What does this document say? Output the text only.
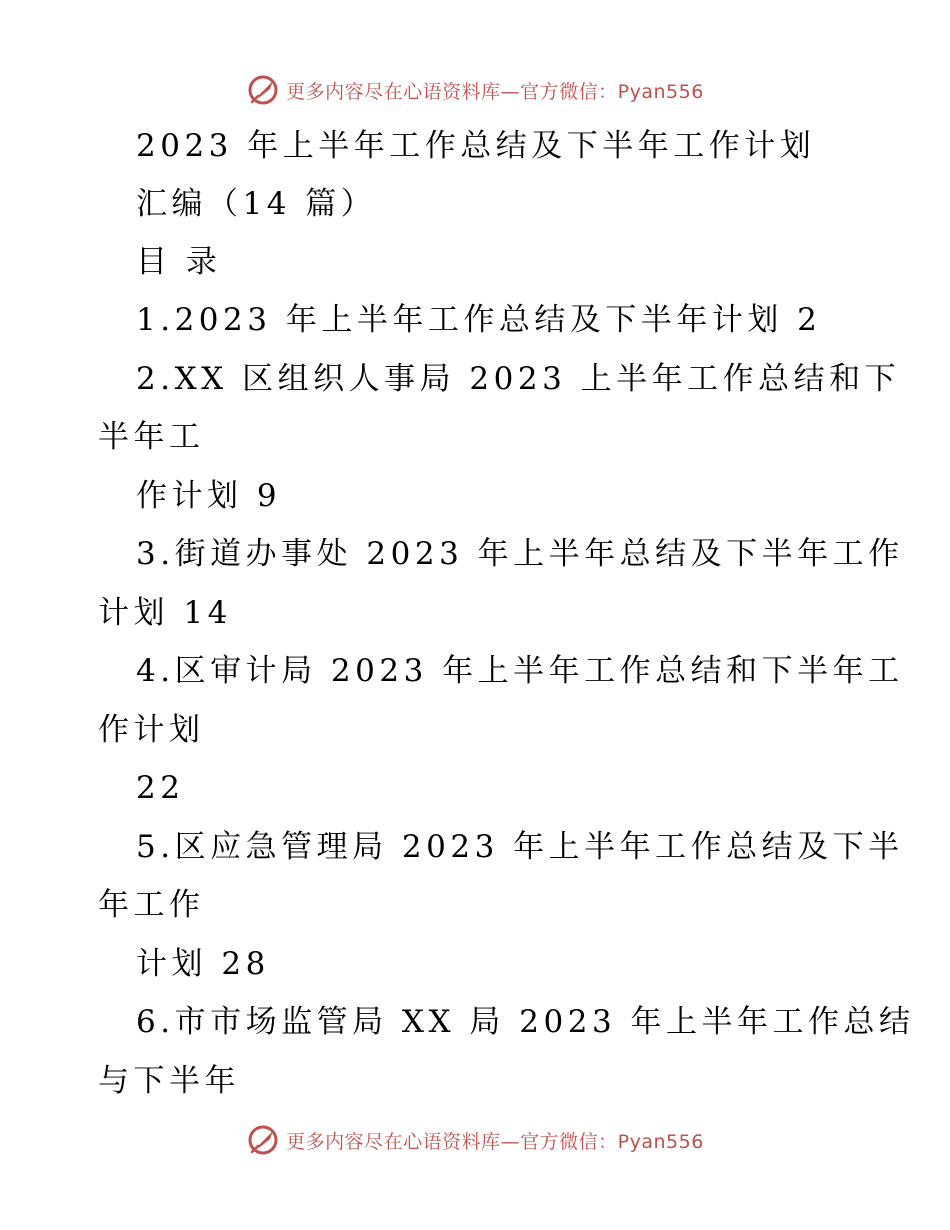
更多内容尽在心语资料库—官方微信：Pyan556
2023 年上半年工作总结及下半年工作计划
汇编（14 篇）
目 录
1.2023 年上半年工作总结及下半年计划 2
2.XX 区组织人事局 2023 上半年工作总结和下
半年工
作计划 9
3.街道办事处 2023 年上半年总结及下半年工作
计划 14
4.区审计局 2023 年上半年工作总结和下半年工
作计划
22
5.区应急管理局 2023 年上半年工作总结及下半
年工作
计划 28
6.市市场监管局 XX 局 2023 年上半年工作总结
与下半年
更多内容尽在心语资料库—官方微信：Pyan556
